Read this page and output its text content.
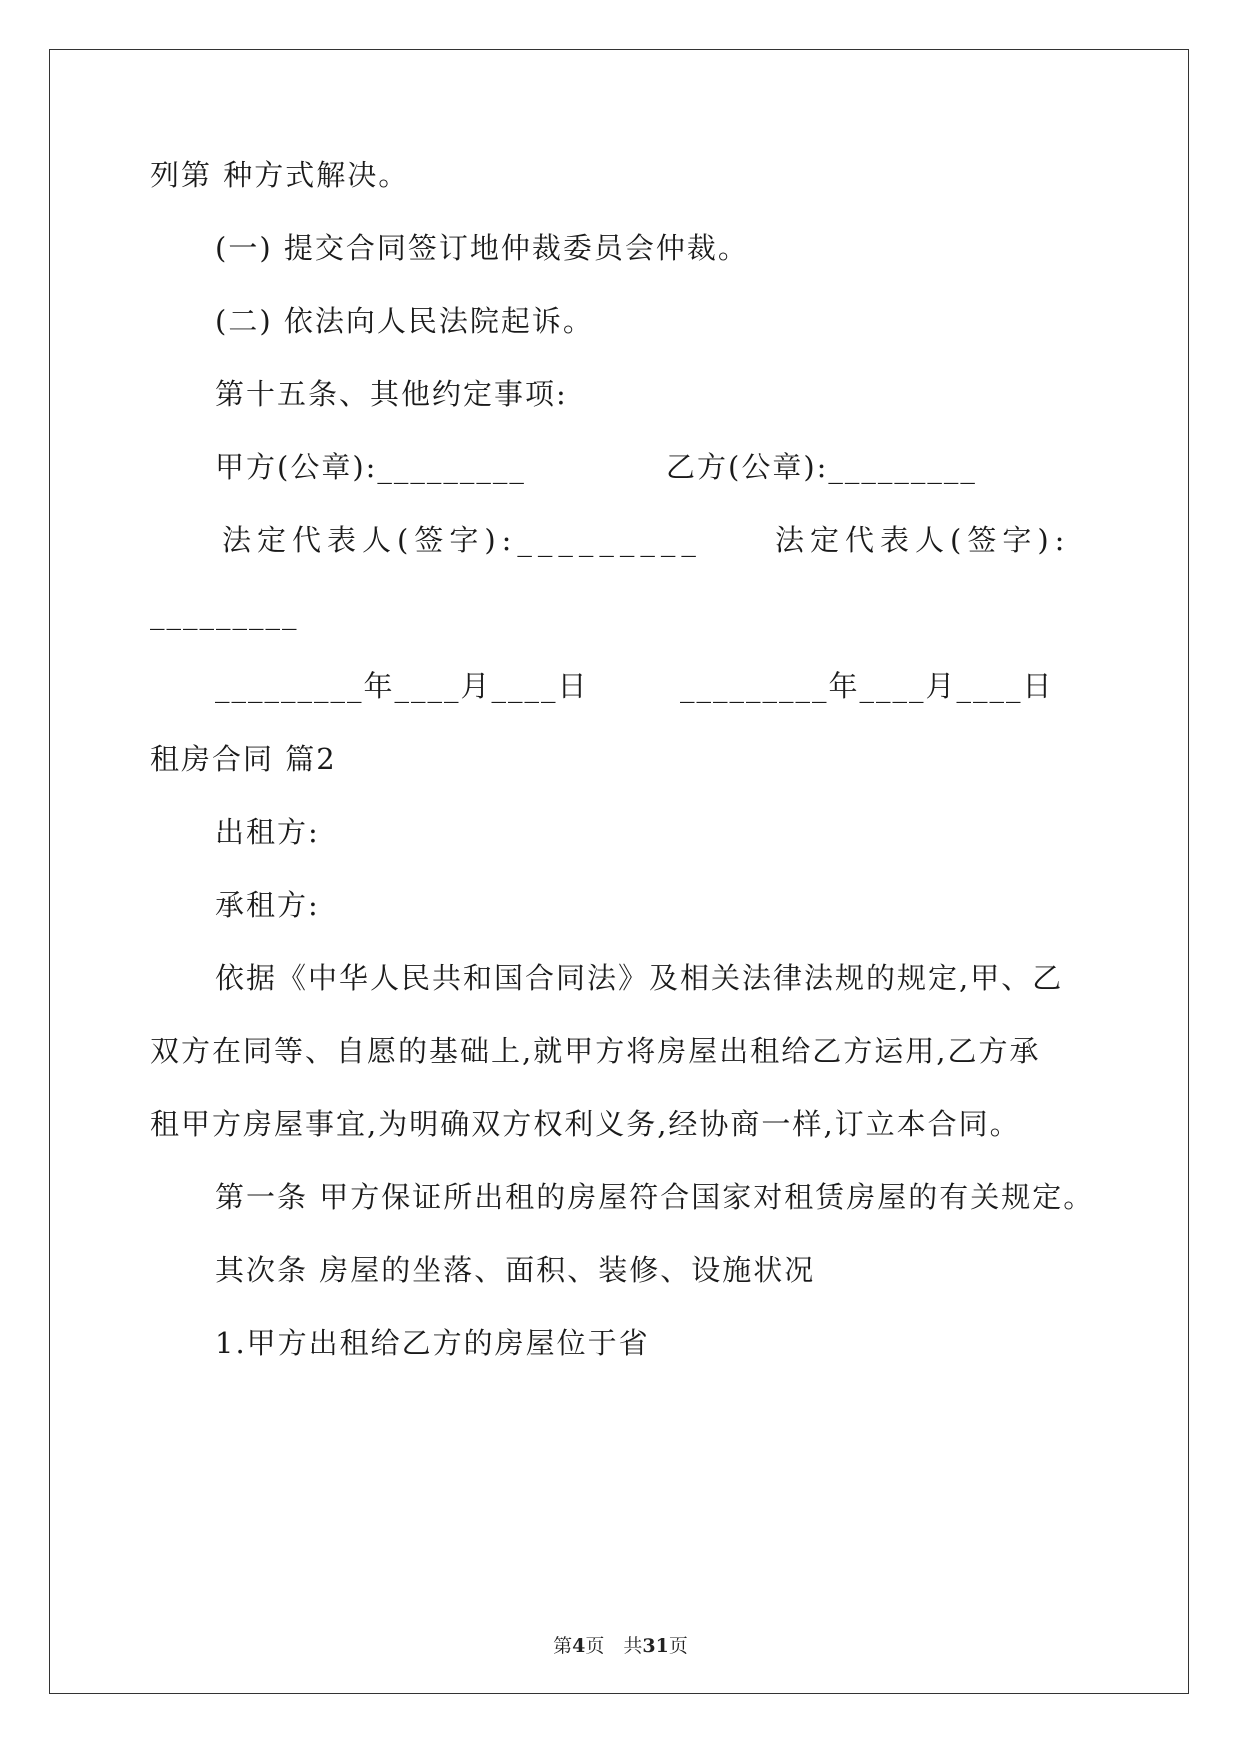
列第 种方式解决。
(一) 提交合同签订地仲裁委员会仲裁。
(二) 依法向人民法院起诉。
第十五条、其他约定事项:
甲方(公章):_________	乙方(公章):_________
法定代表人(签字):_________	法定代表人(签字):
_________
_________年____月____日	_________年____月____日
租房合同 篇2
出租方:
承租方:
依据《中华人民共和国合同法》及相关法律法规的规定,甲、乙
双方在同等、自愿的基础上,就甲方将房屋出租给乙方运用,乙方承
租甲方房屋事宜,为明确双方权利义务,经协商一样,订立本合同。
第一条 甲方保证所出租的房屋符合国家对租赁房屋的有关规定。
其次条 房屋的坐落、面积、装修、设施状况
1.甲方出租给乙方的房屋位于省
第4页　共31页
